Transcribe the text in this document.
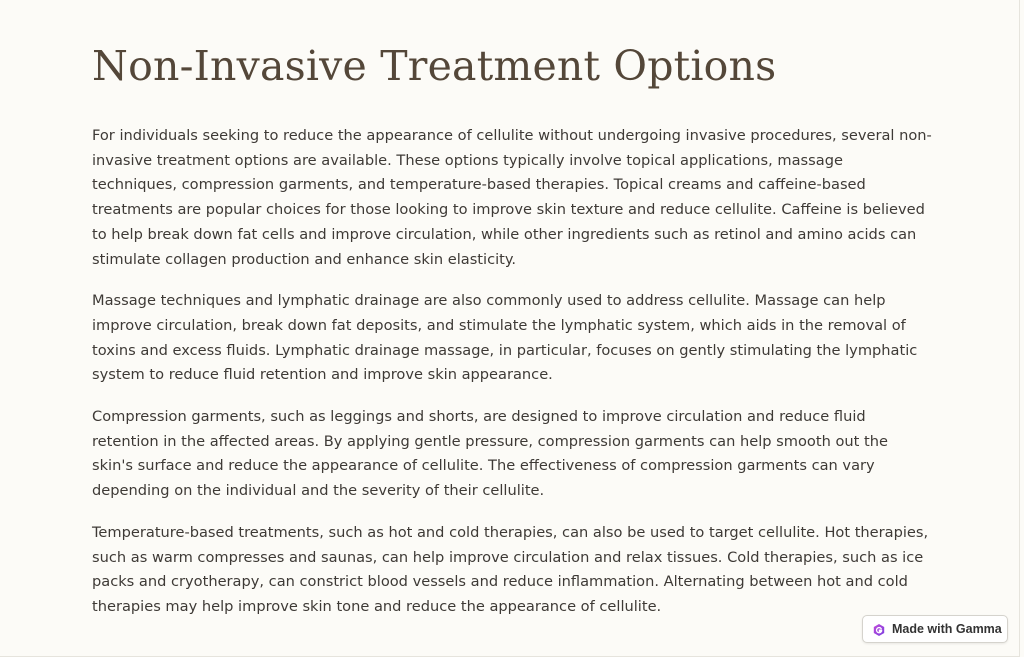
Non-Invasive Treatment Options

For individuals seeking to reduce the appearance of cellulite without undergoing invasive procedures, several non-invasive treatment options are available. These options typically involve topical applications, massage techniques, compression garments, and temperature-based therapies. Topical creams and caffeine-based treatments are popular choices for those looking to improve skin texture and reduce cellulite. Caffeine is believed to help break down fat cells and improve circulation, while other ingredients such as retinol and amino acids can stimulate collagen production and enhance skin elasticity.

Massage techniques and lymphatic drainage are also commonly used to address cellulite. Massage can help improve circulation, break down fat deposits, and stimulate the lymphatic system, which aids in the removal of toxins and excess fluids. Lymphatic drainage massage, in particular, focuses on gently stimulating the lymphatic system to reduce fluid retention and improve skin appearance.

Compression garments, such as leggings and shorts, are designed to improve circulation and reduce fluid retention in the affected areas. By applying gentle pressure, compression garments can help smooth out the skin's surface and reduce the appearance of cellulite. The effectiveness of compression garments can vary depending on the individual and the severity of their cellulite.

Temperature-based treatments, such as hot and cold therapies, can also be used to target cellulite. Hot therapies, such as warm compresses and saunas, can help improve circulation and relax tissues. Cold therapies, such as ice packs and cryotherapy, can constrict blood vessels and reduce inflammation. Alternating between hot and cold therapies may help improve skin tone and reduce the appearance of cellulite.

Made with Gamma
